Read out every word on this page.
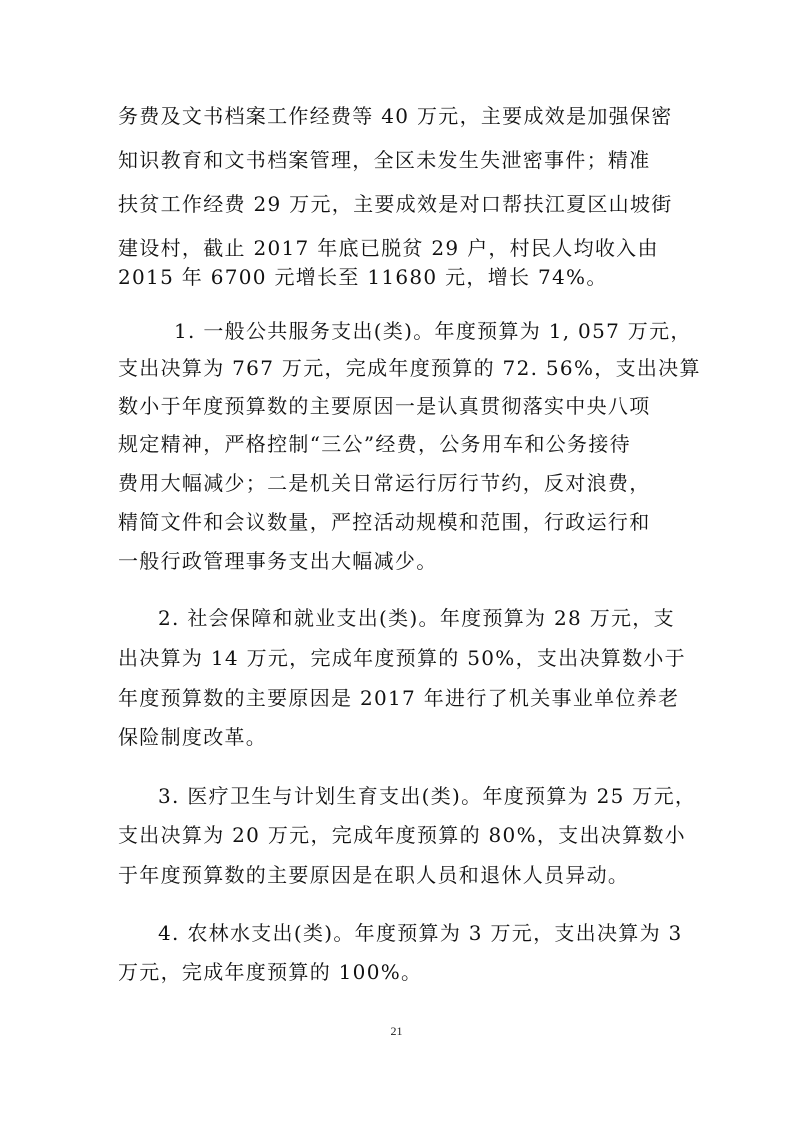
务费及文书档案工作经费等 40 万元，主要成效是加强保密
知识教育和文书档案管理，全区未发生失泄密事件；精准
扶贫工作经费 29 万元，主要成效是对口帮扶江夏区山坡街
建设村，截止 2017 年底已脱贫 29 户，村民人均收入由
2015 年 6700 元增长至 11680 元，增长 74%。
1. 一般公共服务支出(类)。年度预算为 1, 057 万元，
支出决算为 767 万元，完成年度预算的 72. 56%，支出决算
数小于年度预算数的主要原因一是认真贯彻落实中央八项
规定精神，严格控制“三公”经费，公务用车和公务接待
费用大幅减少；二是机关日常运行厉行节约，反对浪费，
精简文件和会议数量，严控活动规模和范围，行政运行和
一般行政管理事务支出大幅减少。
2. 社会保障和就业支出(类)。年度预算为 28 万元，支
出决算为 14 万元，完成年度预算的 50%，支出决算数小于
年度预算数的主要原因是 2017 年进行了机关事业单位养老
保险制度改革。
3. 医疗卫生与计划生育支出(类)。年度预算为 25 万元，
支出决算为 20 万元，完成年度预算的 80%，支出决算数小
于年度预算数的主要原因是在职人员和退休人员异动。
4. 农林水支出(类)。年度预算为 3 万元，支出决算为 3
万元，完成年度预算的 100%。
21
